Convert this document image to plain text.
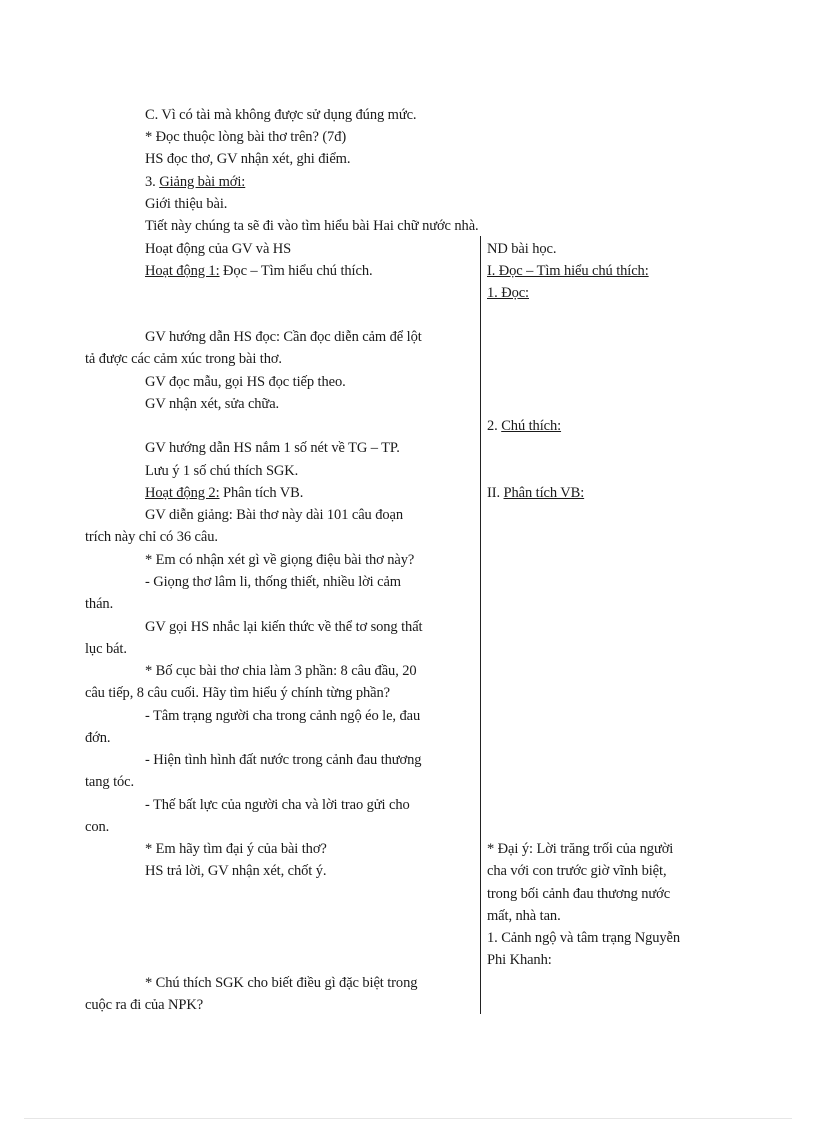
C. Vì có tài mà không được sử dụng đúng mức.
* Đọc thuộc lòng bài thơ trên? (7đ)
HS đọc thơ, GV nhận xét, ghi điểm.
3. Giảng bài mới:
Giới thiệu bài.
Tiết này chúng ta sẽ đi vào tìm hiểu bài Hai chữ nước nhà.
Hoạt động của GV và HS
Hoạt động 1: Đọc – Tìm hiểu chú thích.
GV hướng dẫn HS đọc: Cần đọc diễn cảm để lột
tả được các cảm xúc trong bài thơ.
GV đọc mẫu, gọi HS đọc tiếp theo.
GV nhận xét, sửa chữa.
GV hướng dẫn HS nắm 1 số nét về TG – TP.
Lưu ý 1 số chú thích SGK.
Hoạt động 2: Phân tích VB.
GV diễn giảng: Bài thơ này dài 101 câu đoạn
trích này chỉ có 36 câu.
* Em có nhận xét gì về giọng điệu bài thơ này?
- Giọng thơ lâm li, thống thiết, nhiều lời cảm
thán.
GV gọi HS nhắc lại kiến thức về thể tơ song thất
lục bát.
* Bố cục bài thơ chia làm 3 phần: 8 câu đầu, 20
câu tiếp, 8 câu cuối. Hãy tìm hiểu ý chính từng phần?
- Tâm trạng người cha trong cảnh ngộ éo le, đau
đớn.
- Hiện tình hình đất nước trong cảnh đau thương
tang tóc.
- Thế bất lực của người cha và lời trao gửi cho
con.
* Em hãy tìm đại ý của bài thơ?
HS trả lời, GV nhận xét, chốt ý.
* Chú thích SGK cho biết điều gì đặc biệt trong
cuộc ra đi của NPK?
ND bài học.
I. Đọc – Tìm hiểu chú thích:
1. Đọc:
2. Chú thích:
II. Phân tích VB:
* Đại ý: Lời trăng trối của người
cha với con trước giờ vĩnh biệt,
trong bối cảnh đau thương nước
mất, nhà tan.
1. Cảnh ngộ và tâm trạng Nguyễn
Phi Khanh:
